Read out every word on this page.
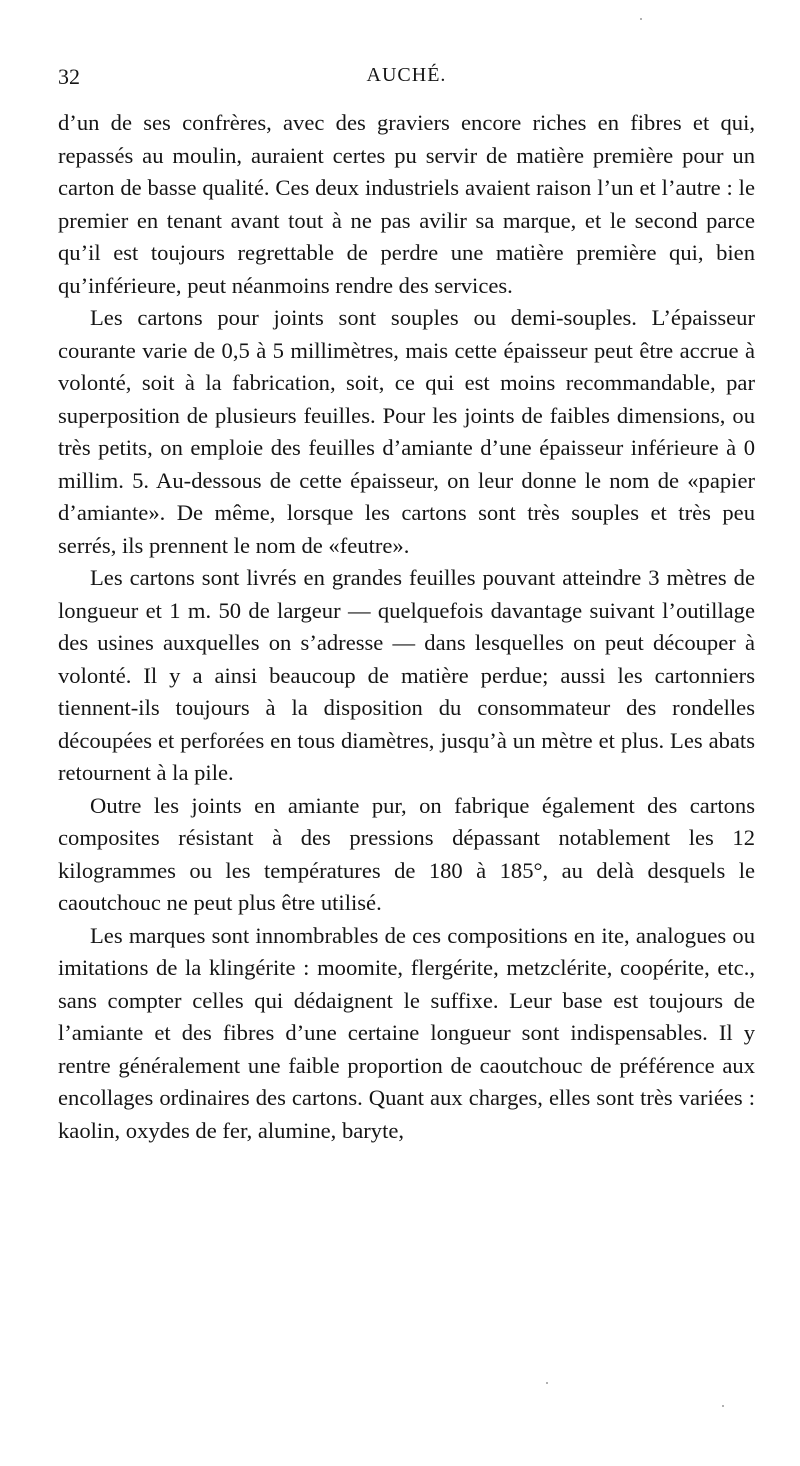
32	AUCHÉ.

d’un de ses confrères, avec des graviers encore riches en fibres et qui, repassés au moulin, auraient certes pu servir de matière première pour un carton de basse qualité. Ces deux industriels avaient raison l’un et l’autre : le premier en tenant avant tout à ne pas avilir sa marque, et le second parce qu’il est toujours regrettable de perdre une matière première qui, bien qu’inférieure, peut néanmoins rendre des services.

Les cartons pour joints sont souples ou demi-souples. L’épaisseur courante varie de 0,5 à 5 millimètres, mais cette épaisseur peut être accrue à volonté, soit à la fabrication, soit, ce qui est moins recommandable, par superposition de plusieurs feuilles. Pour les joints de faibles dimensions, ou très petits, on emploie des feuilles d’amiante d’une épaisseur inférieure à 0 millim. 5. Au-dessous de cette épaisseur, on leur donne le nom de «papier d’amiante». De même, lorsque les cartons sont très souples et très peu serrés, ils prennent le nom de «feutre».

Les cartons sont livrés en grandes feuilles pouvant atteindre 3 mètres de longueur et 1 m. 50 de largeur — quelquefois davantage suivant l’outillage des usines auxquelles on s’adresse — dans lesquelles on peut découper à volonté. Il y a ainsi beaucoup de matière perdue; aussi les cartonniers tiennent-ils toujours à la disposition du consommateur des rondelles découpées et perforées en tous diamètres, jusqu’à un mètre et plus. Les abats retournent à la pile.

Outre les joints en amiante pur, on fabrique également des cartons composites résistant à des pressions dépassant notablement les 12 kilogrammes ou les températures de 180 à 185°, au delà desquels le caoutchouc ne peut plus être utilisé.

Les marques sont innombrables de ces compositions en ite, analogues ou imitations de la klingérite : moomite, flergérite, metzclérite, coopérite, etc., sans compter celles qui dédaignent le suffixe. Leur base est toujours de l’amiante et des fibres d’une certaine longueur sont indispensables. Il y rentre généralement une faible proportion de caoutchouc de préférence aux encollages ordinaires des cartons. Quant aux charges, elles sont très variées : kaolin, oxydes de fer, alumine, baryte,
